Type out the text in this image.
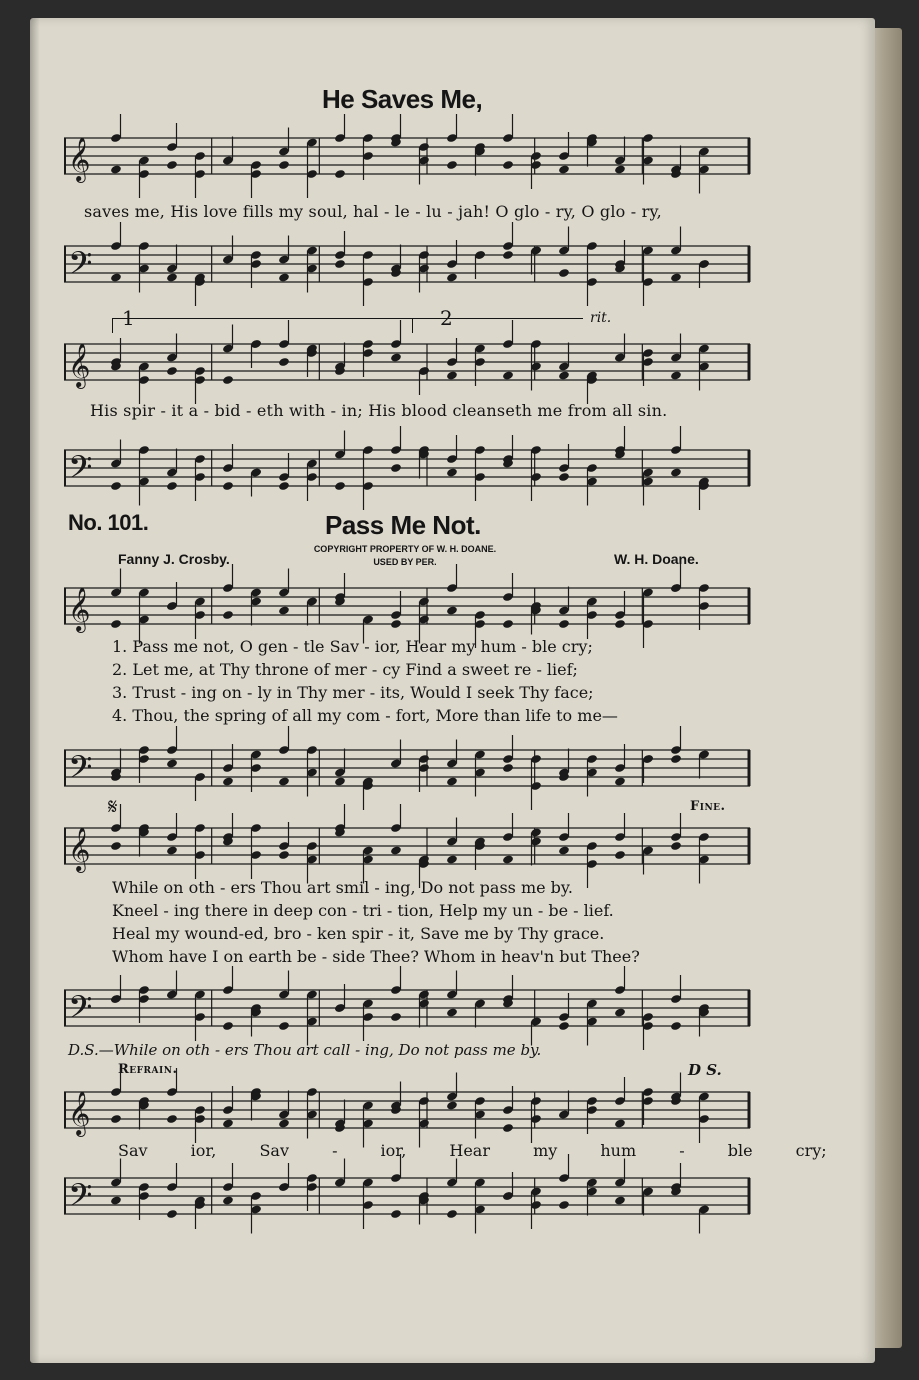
He Saves Me,
𝄞
saves me, His love fills my soul, hal - le - lu - jah! O glo - ry, O glo - ry,
𝄢
1	2	rit.
𝄞
His spir - it a - bid - eth with - in; His blood cleanseth me from all sin.
𝄢
No. 101.	Pass Me Not.
COPYRIGHT PROPERTY OF W. H. DOANE.
USED BY PER.
Fanny J. Crosby.	W. H. Doane.
𝄞
1. Pass me not, O gen - tle Sav - ior, Hear my hum - ble cry;
2. Let me, at Thy throne of mer - cy Find a sweet re - lief;
3. Trust - ing on - ly in Thy mer - its, Would I seek Thy face;
4. Thou, the spring of all my com - fort, More than life to me—
𝄢
𝄋	Fine.
𝄞
While on oth - ers Thou art smil - ing, Do not pass me by.
Kneel - ing there in deep con - tri - tion, Help my un - be - lief.
Heal my wound-ed, bro - ken spir - it, Save me by Thy grace.
Whom have I on earth be - side Thee? Whom in heav'n but Thee?
𝄢
D.S.—While on oth - ers Thou art call - ing, Do not pass me by.
Refrain.	D S.
𝄞
Sav ior, Sav - ior, Hear my hum - ble cry;
𝄢
